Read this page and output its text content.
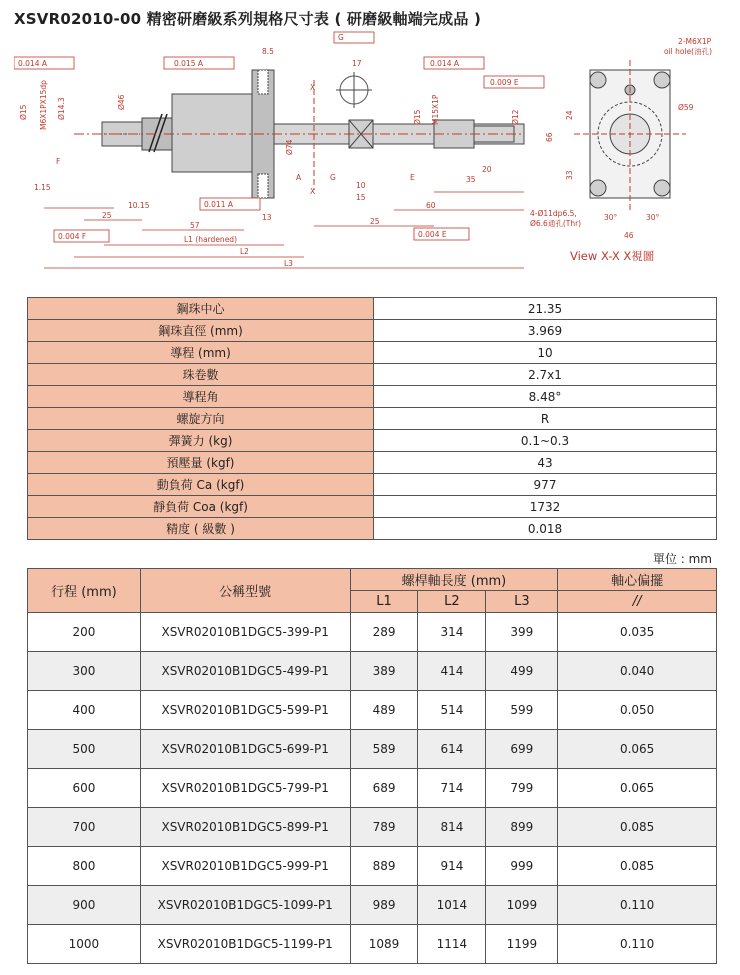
XSVR02010-00 精密研磨級系列規格尺寸表 ( 研磨級軸端完成品 )
0.014 A	0.015 A	0.014 A
0.009 E
0.004 F
0.011 A
0.004 E
G
Ø15 M6X1PX15dp Ø14.3	Ø46
Ø74
Ø15 M15X1P	Ø12
8.5
17
10
15
20
35
25
60
57
13
25
1.15
10.15
L1 (hardened)
L2
L3
X
X
F
A	G	E
2-M6X1P
oil hole(油孔)
Ø59
66
33
24
4-Ø11dp6.5,
Ø6.6通孔(Thr)
30°	30°
46
View X-X X視圖
鋼珠中心	21.35
鋼珠直徑 (mm)	3.969
導程 (mm)	10
珠卷數	2.7x1
導程角	8.48°
螺旋方向	R
彈簧力 (kg)	0.1~0.3
預壓量 (kgf)	43
動負荷 Ca (kgf)	977
靜負荷 Coa (kgf)	1732
精度 ( 級數 )	0.018
單位 : mm
行程 (mm)	公稱型號	螺桿軸長度 (mm)			軸心偏擺
		L1	L2	L3	//
200	XSVR02010B1DGC5-399-P1	289	314	399	0.035
300	XSVR02010B1DGC5-499-P1	389	414	499	0.040
400	XSVR02010B1DGC5-599-P1	489	514	599	0.050
500	XSVR02010B1DGC5-699-P1	589	614	699	0.065
600	XSVR02010B1DGC5-799-P1	689	714	799	0.065
700	XSVR02010B1DGC5-899-P1	789	814	899	0.085
800	XSVR02010B1DGC5-999-P1	889	914	999	0.085
900	XSVR02010B1DGC5-1099-P1	989	1014	1099	0.110
1000	XSVR02010B1DGC5-1199-P1	1089	1114	1199	0.110
